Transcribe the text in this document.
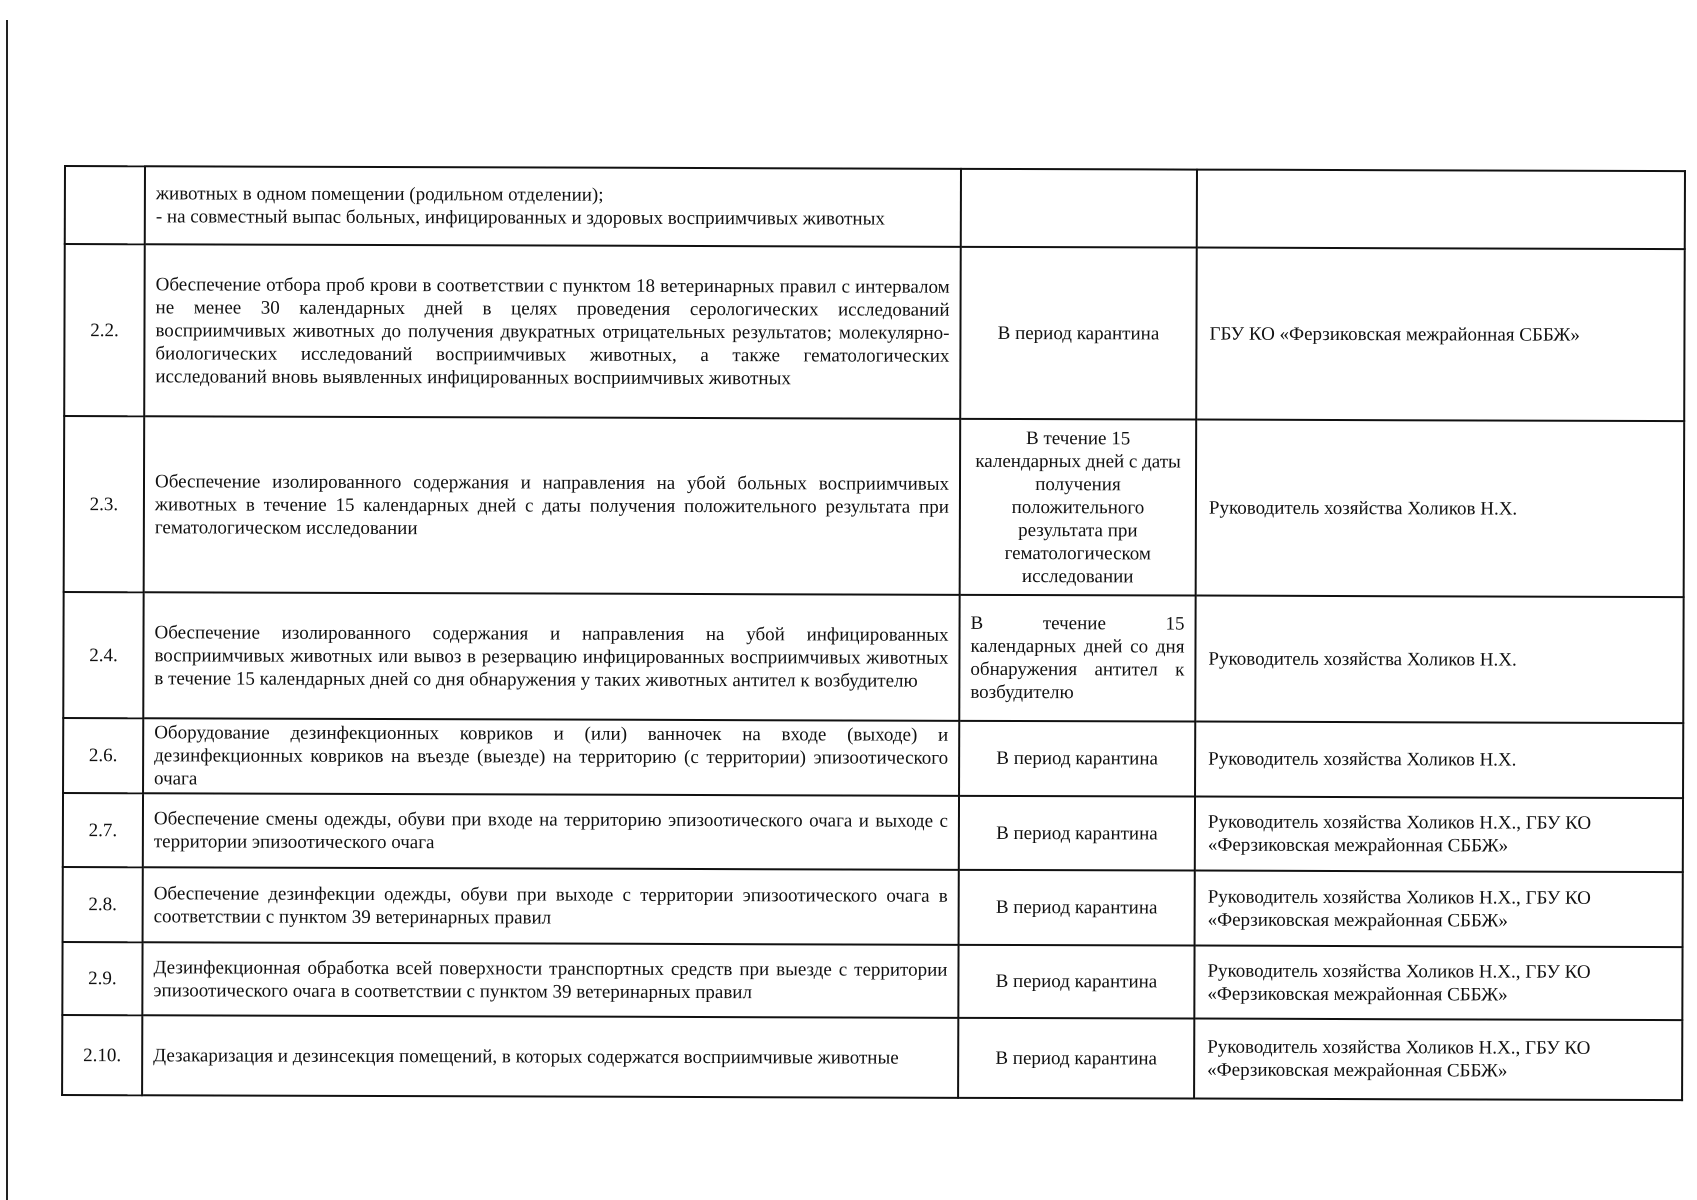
	животных в одном помещении (родильном отделении);
- на совместный выпас больных, инфицированных и здоровых восприимчивых животных		

2.2.	Обеспечение отбора проб крови в соответствии с пунктом 18 ветеринарных правил с интервалом не менее 30 календарных дней в целях проведения серологических исследований восприимчивых животных до получения двукратных отрицательных результатов; молекулярно-биологических исследований восприимчивых животных, а также гематологических исследований вновь выявленных инфицированных восприимчивых животных	В период карантина	ГБУ КО «Ферзиковская межрайонная СББЖ»
2.3.	Обеспечение изолированного содержания и направления на убой больных восприимчивых животных в течение 15 календарных дней с даты получения положительного результата при гематологическом исследовании	В течение 15 календарных дней с даты получения положительного результата при гематологическом исследовании	Руководитель хозяйства Холиков Н.Х.
2.4.	Обеспечение изолированного содержания и направления на убой инфицированных восприимчивых животных или вывоз в резервацию инфицированных восприимчивых животных в течение 15 календарных дней со дня обнаружения у таких животных антител к возбудителю	В течение 15 календарных дней со дня обнаружения антител к возбудителю	Руководитель хозяйства Холиков Н.Х.
2.6.	Оборудование дезинфекционных ковриков и (или) ванночек на входе (выходе) и дезинфекционных ковриков на въезде (выезде) на территорию (с территории) эпизоотического очага	В период карантина	Руководитель хозяйства Холиков Н.Х.
2.7.	Обеспечение смены одежды, обуви при входе на территорию эпизоотического очага и выходе с территории эпизоотического очага	В период карантина	Руководитель хозяйства Холиков Н.Х., ГБУ КО «Ферзиковская межрайонная СББЖ»
2.8.	Обеспечение дезинфекции одежды, обуви при выходе с территории эпизоотического очага в соответствии с пунктом 39 ветеринарных правил	В период карантина	Руководитель хозяйства Холиков Н.Х., ГБУ КО «Ферзиковская межрайонная СББЖ»
2.9.	Дезинфекционная обработка всей поверхности транспортных средств при выезде с территории эпизоотического очага в соответствии с пунктом 39 ветеринарных правил	В период карантина	Руководитель хозяйства Холиков Н.Х., ГБУ КО «Ферзиковская межрайонная СББЖ»
2.10.	Дезакаризация и дезинсекция помещений, в которых содержатся восприимчивые животные	В период карантина	Руководитель хозяйства Холиков Н.Х., ГБУ КО «Ферзиковская межрайонная СББЖ»
